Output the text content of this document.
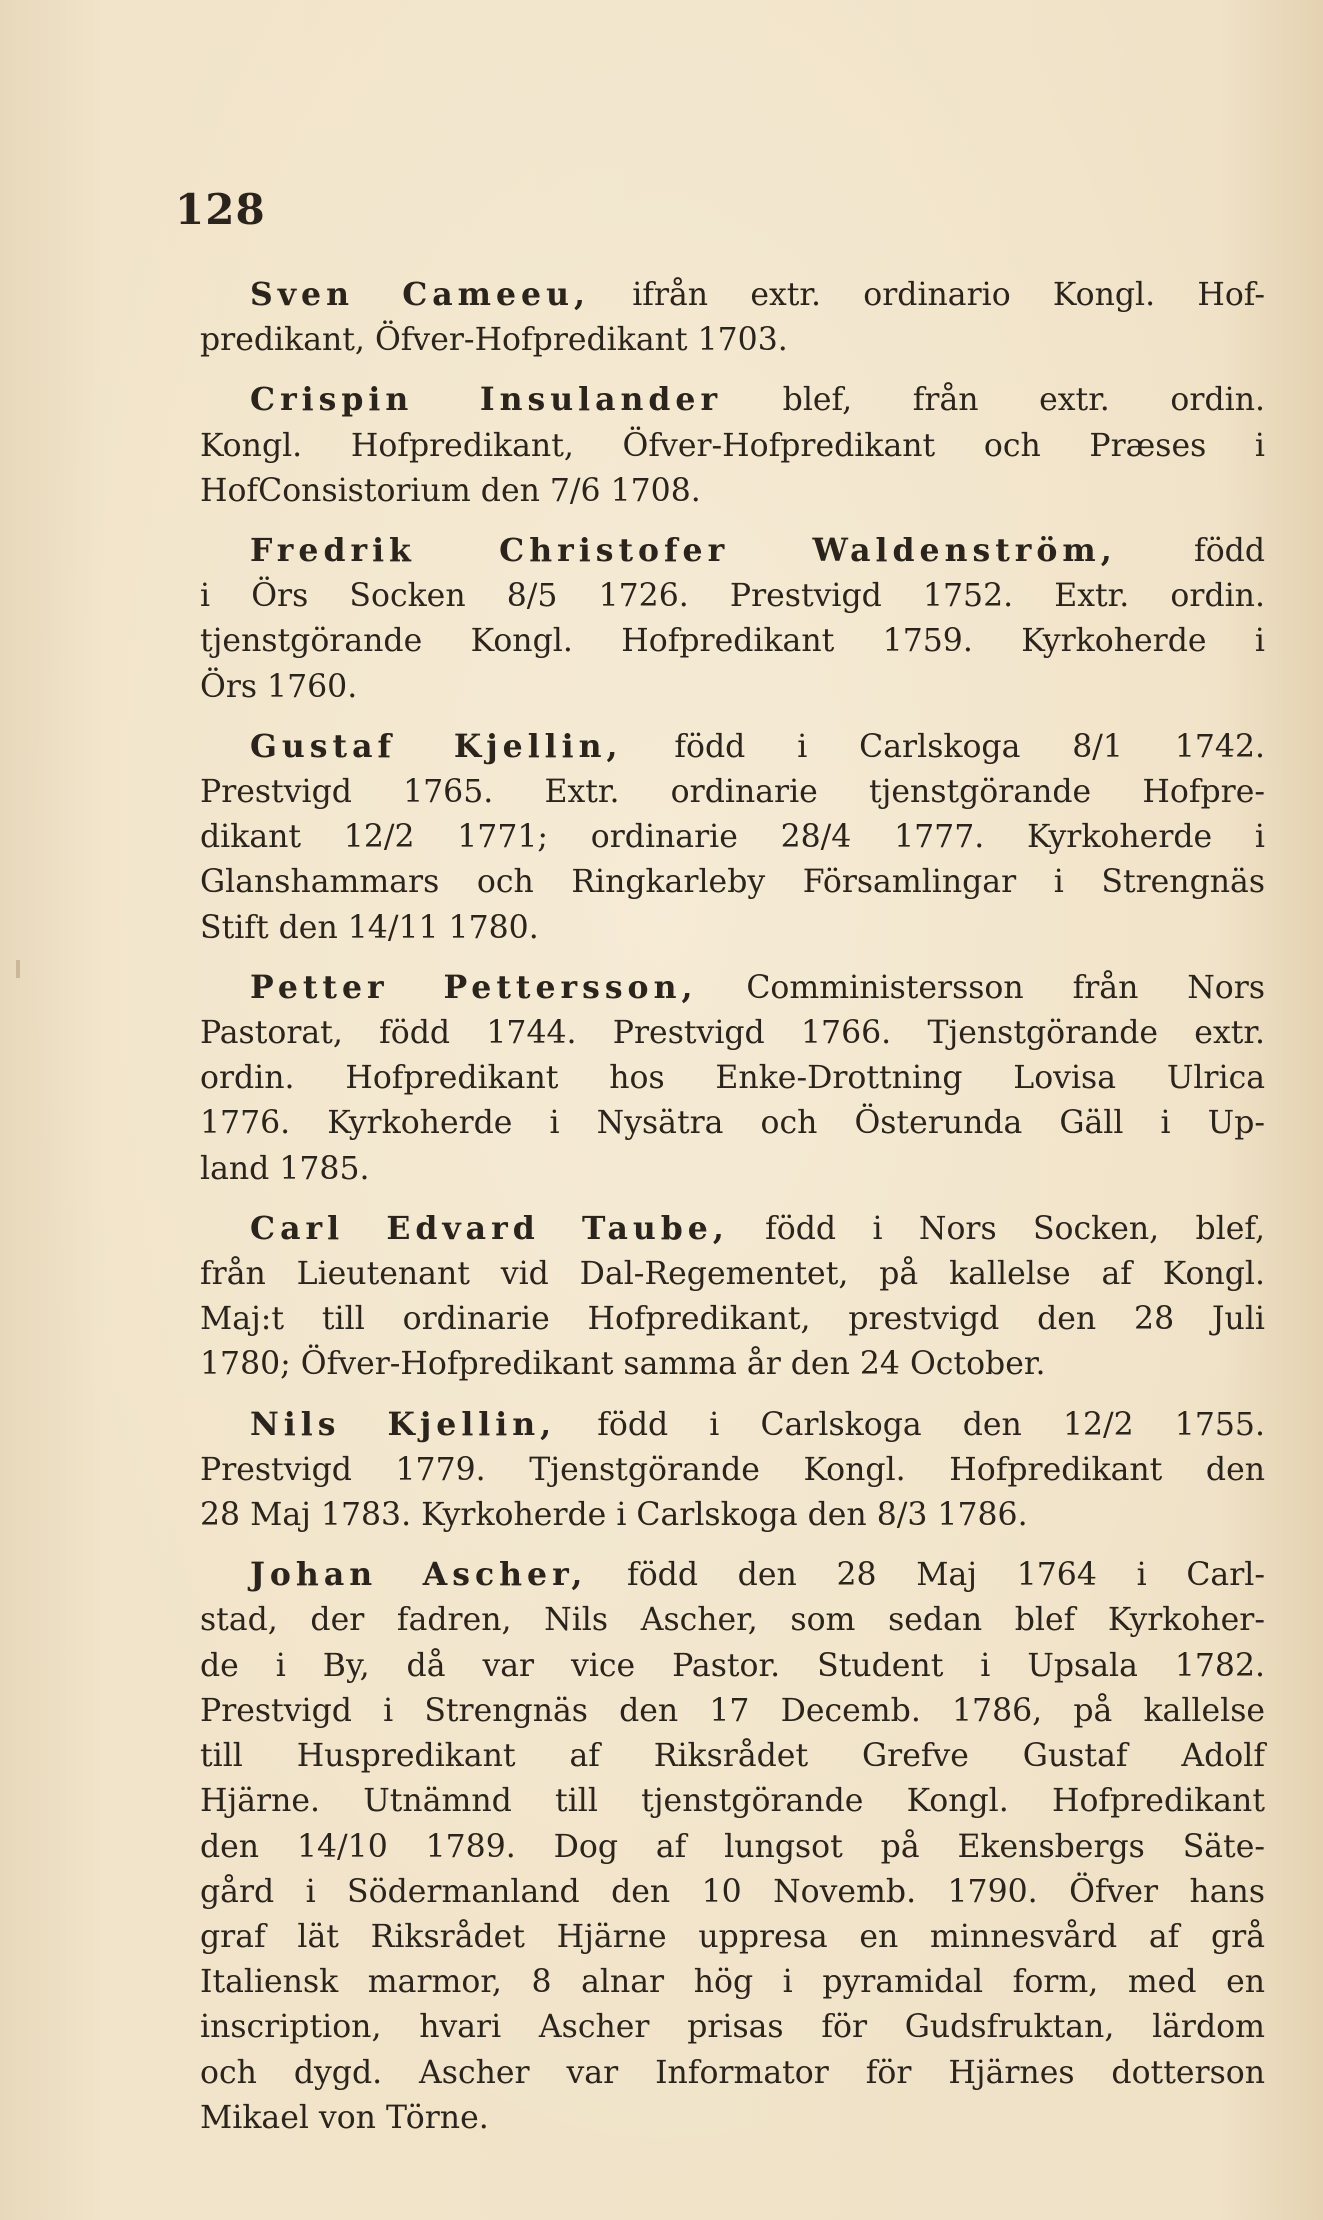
128

Sven Cameeu, ifrån extr. ordinario Kongl. Hof-

predikant, Öfver-Hofpredikant 1703.

Crispin Insulander blef, från extr. ordin.

Kongl. Hofpredikant, Öfver-Hofpredikant och Præses i

HofConsistorium den 7/6 1708.

Fredrik Christofer Waldenström, född

i Örs Socken 8/5 1726. Prestvigd 1752. Extr. ordin.

tjenstgörande Kongl. Hofpredikant 1759. Kyrkoherde i

Örs 1760.

Gustaf Kjellin, född i Carlskoga 8/1 1742.

Prestvigd 1765. Extr. ordinarie tjenstgörande Hofpre-

dikant 12/2 1771; ordinarie 28/4 1777. Kyrkoherde i

Glanshammars och Ringkarleby Församlingar i Strengnäs

Stift den 14/11 1780.

Petter Pettersson, Comministersson från Nors

Pastorat, född 1744. Prestvigd 1766. Tjenstgörande extr.

ordin. Hofpredikant hos Enke-Drottning Lovisa Ulrica

1776. Kyrkoherde i Nysätra och Österunda Gäll i Up-

land 1785.

Carl Edvard Taube, född i Nors Socken, blef,

från Lieutenant vid Dal-Regementet, på kallelse af Kongl.

Maj:t till ordinarie Hofpredikant, prestvigd den 28 Juli

1780; Öfver-Hofpredikant samma år den 24 October.

Nils Kjellin, född i Carlskoga den 12/2 1755.

Prestvigd 1779. Tjenstgörande Kongl. Hofpredikant den

28 Maj 1783. Kyrkoherde i Carlskoga den 8/3 1786.

Johan Ascher, född den 28 Maj 1764 i Carl-

stad, der fadren, Nils Ascher, som sedan blef Kyrkoher-

de i By, då var vice Pastor. Student i Upsala 1782.

Prestvigd i Strengnäs den 17 Decemb. 1786, på kallelse

till Huspredikant af Riksrådet Grefve Gustaf Adolf

Hjärne. Utnämnd till tjenstgörande Kongl. Hofpredikant

den 14/10 1789. Dog af lungsot på Ekensbergs Säte-

gård i Södermanland den 10 Novemb. 1790. Öfver hans

graf lät Riksrådet Hjärne uppresa en minnesvård af grå

Italiensk marmor, 8 alnar hög i pyramidal form, med en

inscription, hvari Ascher prisas för Gudsfruktan, lärdom

och dygd. Ascher var Informator för Hjärnes dotterson

Mikael von Törne.
